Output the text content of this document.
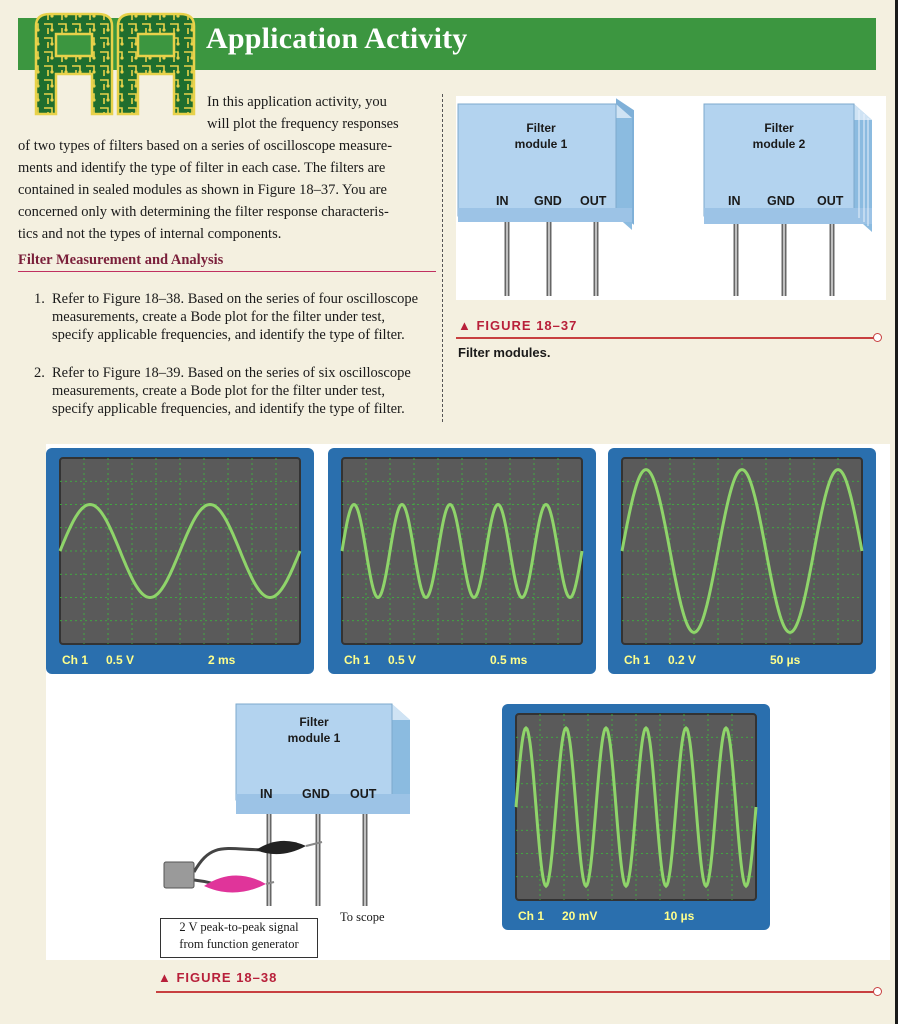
Application Activity
In this application activity, you
will plot the frequency responses
of two types of filters based on a series of oscilloscope measure-
ments and identify the type of filter in each case. The filters are
contained in sealed modules as shown in Figure 18–37. You are
concerned only with determining the filter response characteris-
tics and not the types of internal components.
Filter Measurement and Analysis
1. Refer to Figure 18–38. Based on the series of four oscilloscope
measurements, create a Bode plot for the filter under test,
specify applicable frequencies, and identify the type of filter.
2. Refer to Figure 18–39. Based on the series of six oscilloscope
measurements, create a Bode plot for the filter under test,
specify applicable frequencies, and identify the type of filter.
Filter
module 1
IN GND OUT
Filter
module 2
IN GND OUT
▲ FIGURE 18–37
Filter modules.
Ch 1 0.5 V	2 ms	Ch 1 0.5 V	0.5 ms	Ch 1 0.2 V	50 µs
Ch 1 20 mV	10 µs
Filter
module 1
IN GND OUT
2 V peak-to-peak signal
from function generator
To scope
▲ FIGURE 18–38
